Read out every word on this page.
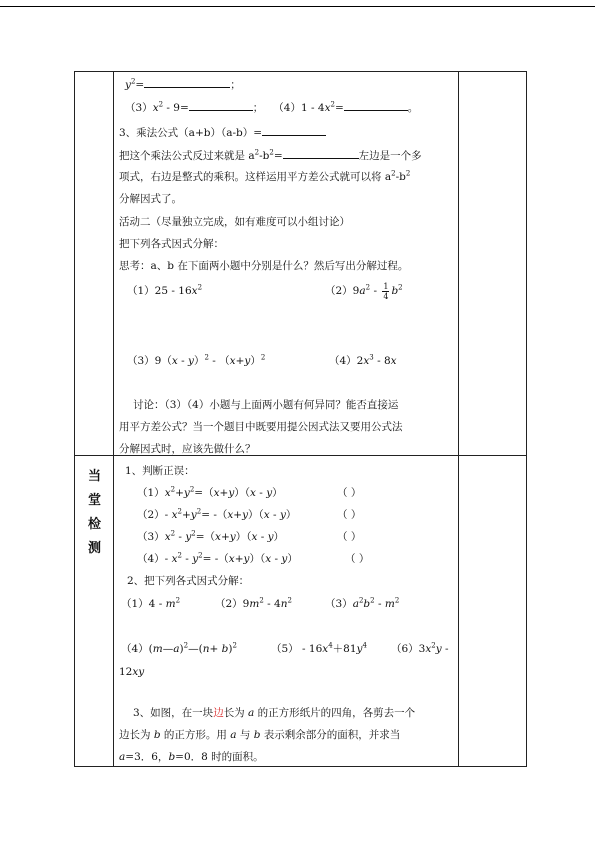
$y^2=$	；
$(3)x^2 - 9=$	； $(4)1 - 4x^2=$	。
3、乘法公式（a+b）（a-b）=
把这个乘法公式反过来就是 $a^2-b^2=$	左边是一个多
项式，右边是整式的乘积。这样运用平方差公式就可以将 $a^2-b^2$
分解因式了。
活动二（尽量独立完成，如有难度可以小组讨论）
把下列各式因式分解：
思考：a、b 在下面两小题中分别是什么？然后写出分解过程。
$(1)25 - 16x^2$	$(2)9a^2 - \frac{1}{4} b^2$
$(3)9(x - y)^2 - (x+y)^2$	$(4)2x^3 - 8x$
讨论：（3）（4）小题与上面两小题有何异同？能否直接运
用平方差公式？当一个题目中既要用提公因式法又要用公式法
分解因式时，应该先做什么？
当
堂
检
测
1、判断正误：
$(1)x^2+y^2=(x+y)(x - y)$	（ ）
（2）- $x^2+y^2= -(x+y)(x - y)$	（ ）
$(3)x^2 - y^2=(x+y)(x - y)$	（ ）
（4）- $x^2 - y^2= -(x+y)(x - y)$	（ ）
2、把下列各式因式分解：
$(1)4 - m^2$	$(2)9m^2 - 4n^2$	$(3)a^2b^2 - m^2$
（4）(m—a)$^2$—(n+ b)$^2$	$(5) - 16x^4+81y^4$ $(6)3x^2y$ -
12xy
3、如图，在一块边长为 a 的正方形纸片的四角，各剪去一个
边长为 b 的正方形。用 a 与 b 表示剩余部分的面积，并求当
a=3．6，b=0．8 时的面积。
